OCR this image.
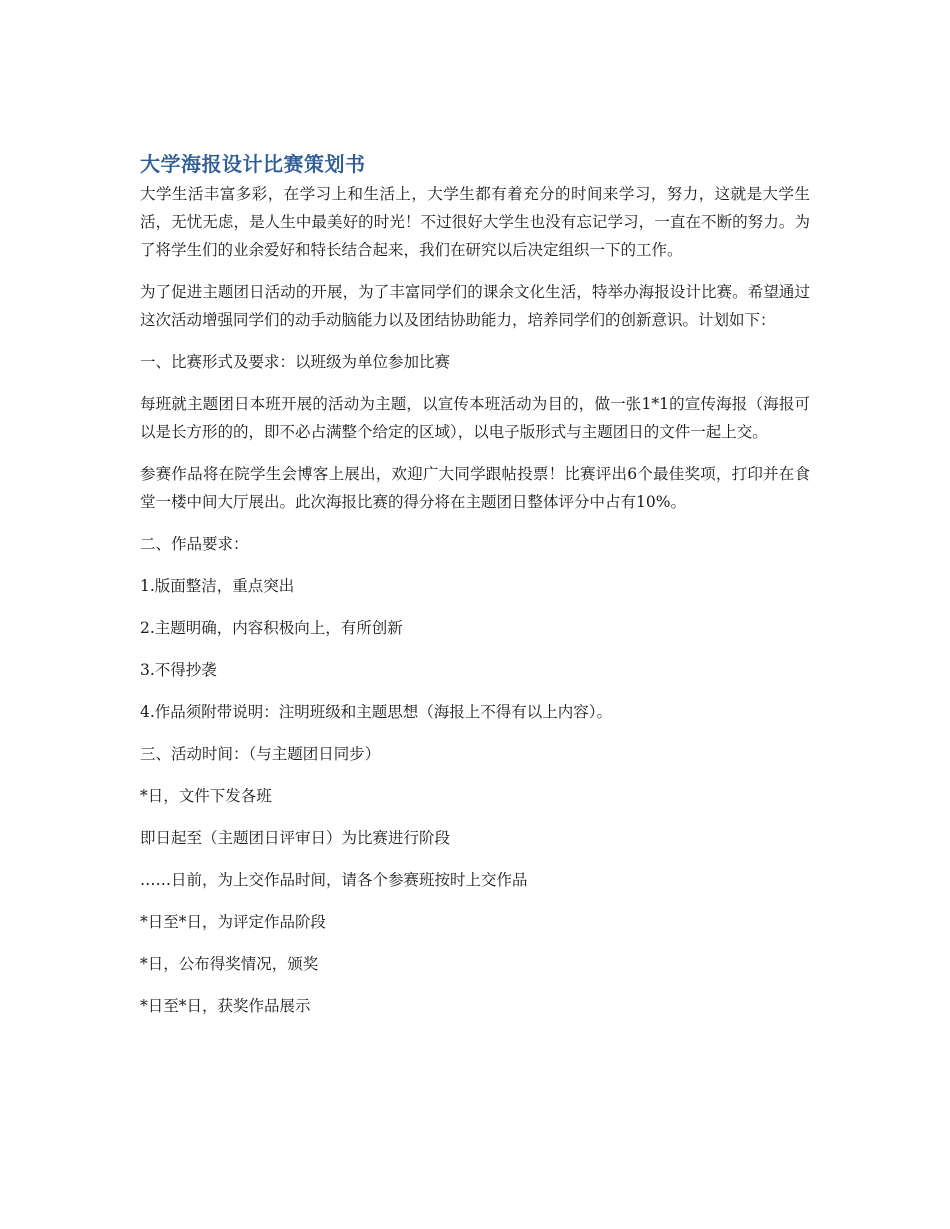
大学海报设计比赛策划书

大学生活丰富多彩，在学习上和生活上，大学生都有着充分的时间来学习，努力，这就是大学生活，无忧无虑，是人生中最美好的时光！不过很好大学生也没有忘记学习，一直在不断的努力。为了将学生们的业余爱好和特长结合起来，我们在研究以后决定组织一下的工作。

为了促进主题团日活动的开展，为了丰富同学们的课余文化生活，特举办海报设计比赛。希望通过这次活动增强同学们的动手动脑能力以及团结协助能力，培养同学们的创新意识。计划如下：

一、比赛形式及要求：以班级为单位参加比赛

每班就主题团日本班开展的活动为主题，以宣传本班活动为目的，做一张1*1的宣传海报（海报可以是长方形的的，即不必占满整个给定的区域），以电子版形式与主题团日的文件一起上交。

参赛作品将在院学生会博客上展出，欢迎广大同学跟帖投票！比赛评出6个最佳奖项，打印并在食堂一楼中间大厅展出。此次海报比赛的得分将在主题团日整体评分中占有10%。

二、作品要求：

1.版面整洁，重点突出

2.主题明确，内容积极向上，有所创新

3.不得抄袭

4.作品须附带说明：注明班级和主题思想（海报上不得有以上内容）。

三、活动时间：（与主题团日同步）

*日，文件下发各班

即日起至（主题团日评审日）为比赛进行阶段

……日前，为上交作品时间，请各个参赛班按时上交作品

*日至*日，为评定作品阶段

*日，公布得奖情况，颁奖

*日至*日，获奖作品展示
